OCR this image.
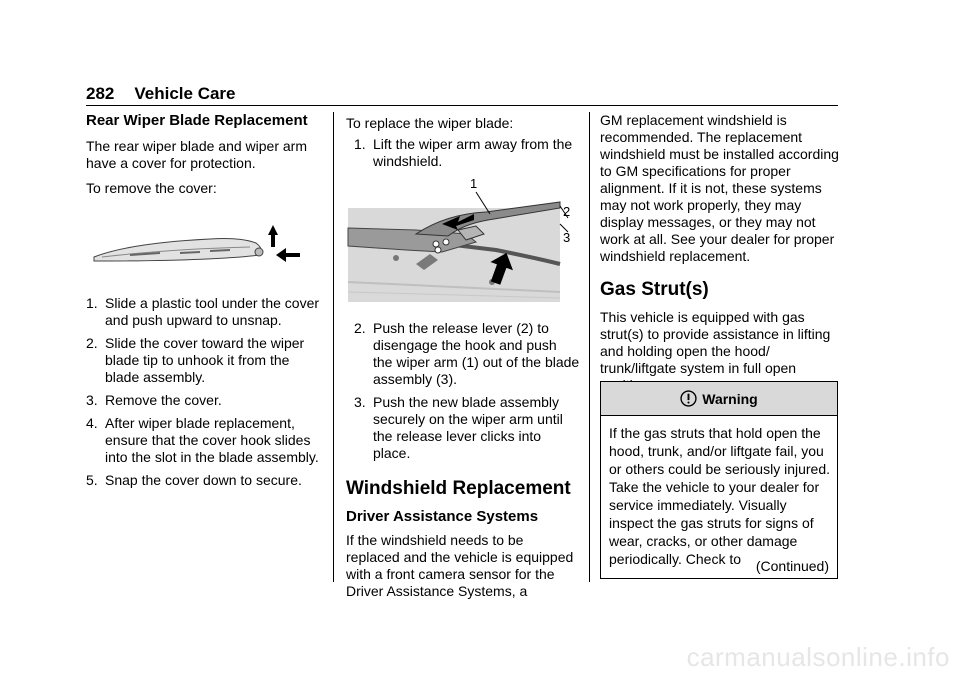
282 Vehicle Care
Rear Wiper Blade Replacement

The rear wiper blade and wiper arm have a cover for protection.

To remove the cover:

1. Slide a plastic tool under the cover and push upward to unsnap.
2. Slide the cover toward the wiper blade tip to unhook it from the blade assembly.
3. Remove the cover.
4. After wiper blade replacement, ensure that the cover hook slides into the slot in the blade assembly.
5. Snap the cover down to secure.

To replace the wiper blade:

1. Lift the wiper arm away from the windshield.
1
2
3
2. Push the release lever (2) to disengage the hook and push the wiper arm (1) out of the blade assembly (3).
3. Push the new blade assembly securely on the wiper arm until the release lever clicks into place.
Windshield Replacement
Driver Assistance Systems

If the windshield needs to be replaced and the vehicle is equipped with a front camera sensor for the Driver Assistance Systems, a

GM replacement windshield is recommended. The replacement windshield must be installed according to GM specifications for proper alignment. If it is not, these systems may not work properly, they may display messages, or they may not work at all. See your dealer for proper windshield replacement.

Gas Strut(s)

This vehicle is equipped with gas strut(s) to provide assistance in lifting and holding open the hood/ trunk/liftgate system in full open

Warning
If the gas struts that hold open the hood, trunk, and/or liftgate fail, you or others could be seriously injured. Take the vehicle to your dealer for service immediately. Visually inspect the gas struts for signs of wear, cracks, or other damage periodically. Check to	(Continued)
carmanualsonline.info
